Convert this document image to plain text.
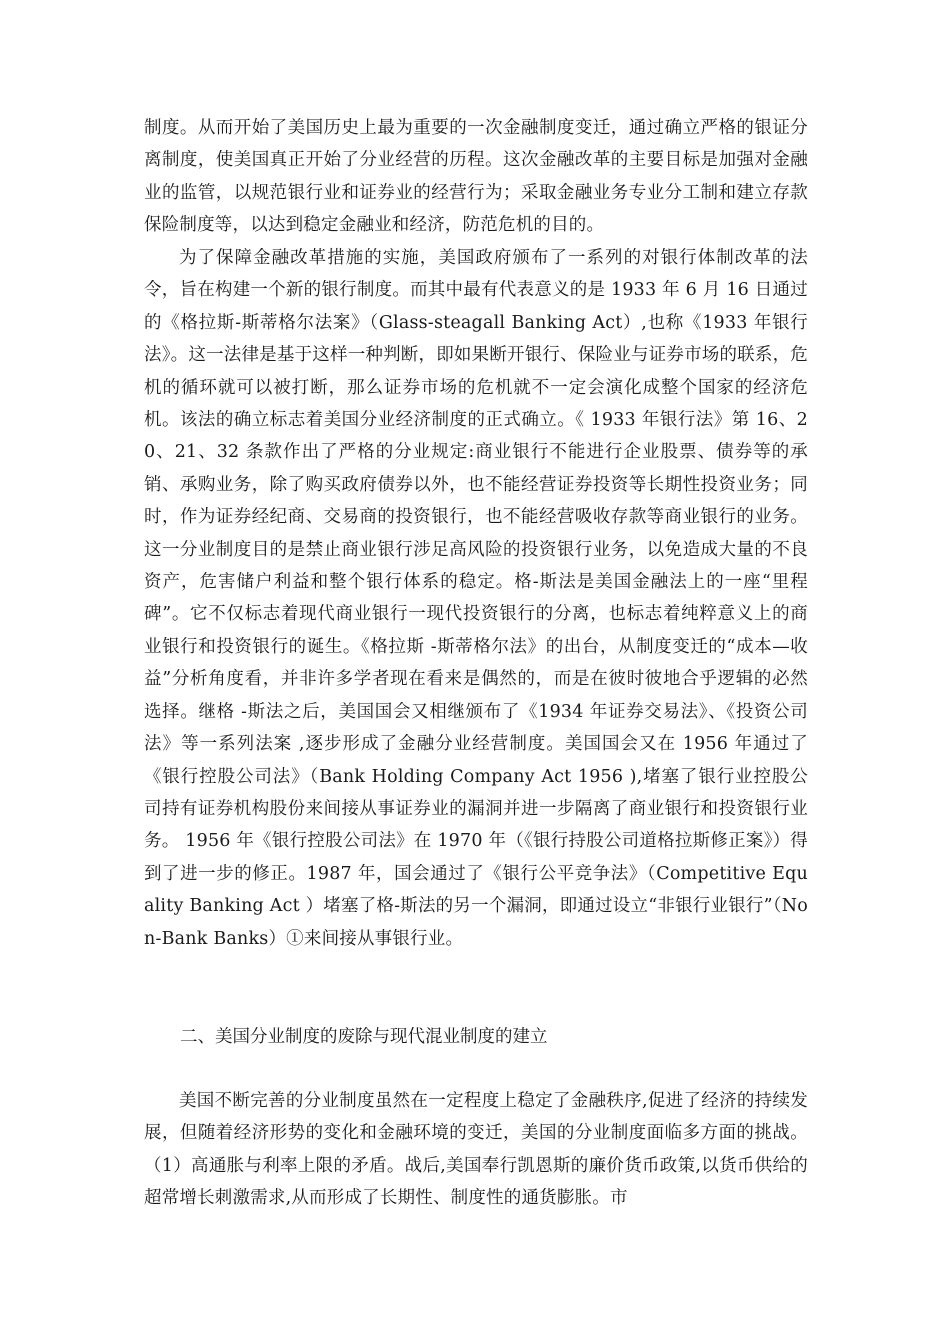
制度。从而开始了美国历史上最为重要的一次金融制度变迁，通过确立严格的银证分离制度，使美国真正开始了分业经营的历程。这次金融改革的主要目标是加强对金融业的监管，以规范银行业和证券业的经营行为；采取金融业务专业分工制和建立存款保险制度等，以达到稳定金融业和经济，防范危机的目的。
为了保障金融改革措施的实施，美国政府颁布了一系列的对银行体制改革的法令，旨在构建一个新的银行制度。而其中最有代表意义的是 1933 年 6 月 16 日通过的《格拉斯-斯蒂格尔法案》（Glass-steagall Banking Act）,也称《1933 年银行法》。这一法律是基于这样一种判断，即如果断开银行、保险业与证券市场的联系，危机的循环就可以被打断，那么证券市场的危机就不一定会演化成整个国家的经济危机。该法的确立标志着美国分业经济制度的正式确立。《 1933 年银行法》第 16、20、21、32 条款作出了严格的分业规定:商业银行不能进行企业股票、债券等的承销、承购业务，除了购买政府债券以外，也不能经营证券投资等长期性投资业务；同时，作为证券经纪商、交易商的投资银行，也不能经营吸收存款等商业银行的业务。这一分业制度目的是禁止商业银行涉足高风险的投资银行业务，以免造成大量的不良资产，危害储户利益和整个银行体系的稳定。格-斯法是美国金融法上的一座“里程碑”。它不仅标志着现代商业银行一现代投资银行的分离，也标志着纯粹意义上的商业银行和投资银行的诞生。《格拉斯 -斯蒂格尔法》的出台，从制度变迁的“成本—收益”分析角度看，并非许多学者现在看来是偶然的，而是在彼时彼地合乎逻辑的必然选择。继格 -斯法之后，美国国会又相继颁布了《1934 年证券交易法》、《投资公司法》等一系列法案 ,逐步形成了金融分业经营制度。美国国会又在 1956 年通过了《银行控股公司法》（Bank Holding Company Act 1956 ),堵塞了银行业控股公司持有证券机构股份来间接从事证券业的漏洞并进一步隔离了商业银行和投资银行业务。 1956 年《银行控股公司法》在 1970 年（《银行持股公司道格拉斯修正案》）得到了进一步的修正。1987 年，国会通过了《银行公平竞争法》（Competitive Equality Banking Act ）堵塞了格-斯法的另一个漏洞，即通过设立“非银行业银行”（Non-Bank Banks）①来间接从事银行业。
二、美国分业制度的废除与现代混业制度的建立
美国不断完善的分业制度虽然在一定程度上稳定了金融秩序,促进了经济的持续发展，但随着经济形势的变化和金融环境的变迁，美国的分业制度面临多方面的挑战。（1）高通胀与利率上限的矛盾。战后,美国奉行凯恩斯的廉价货币政策,以货币供给的超常增长刺激需求,从而形成了长期性、制度性的通货膨胀。市
